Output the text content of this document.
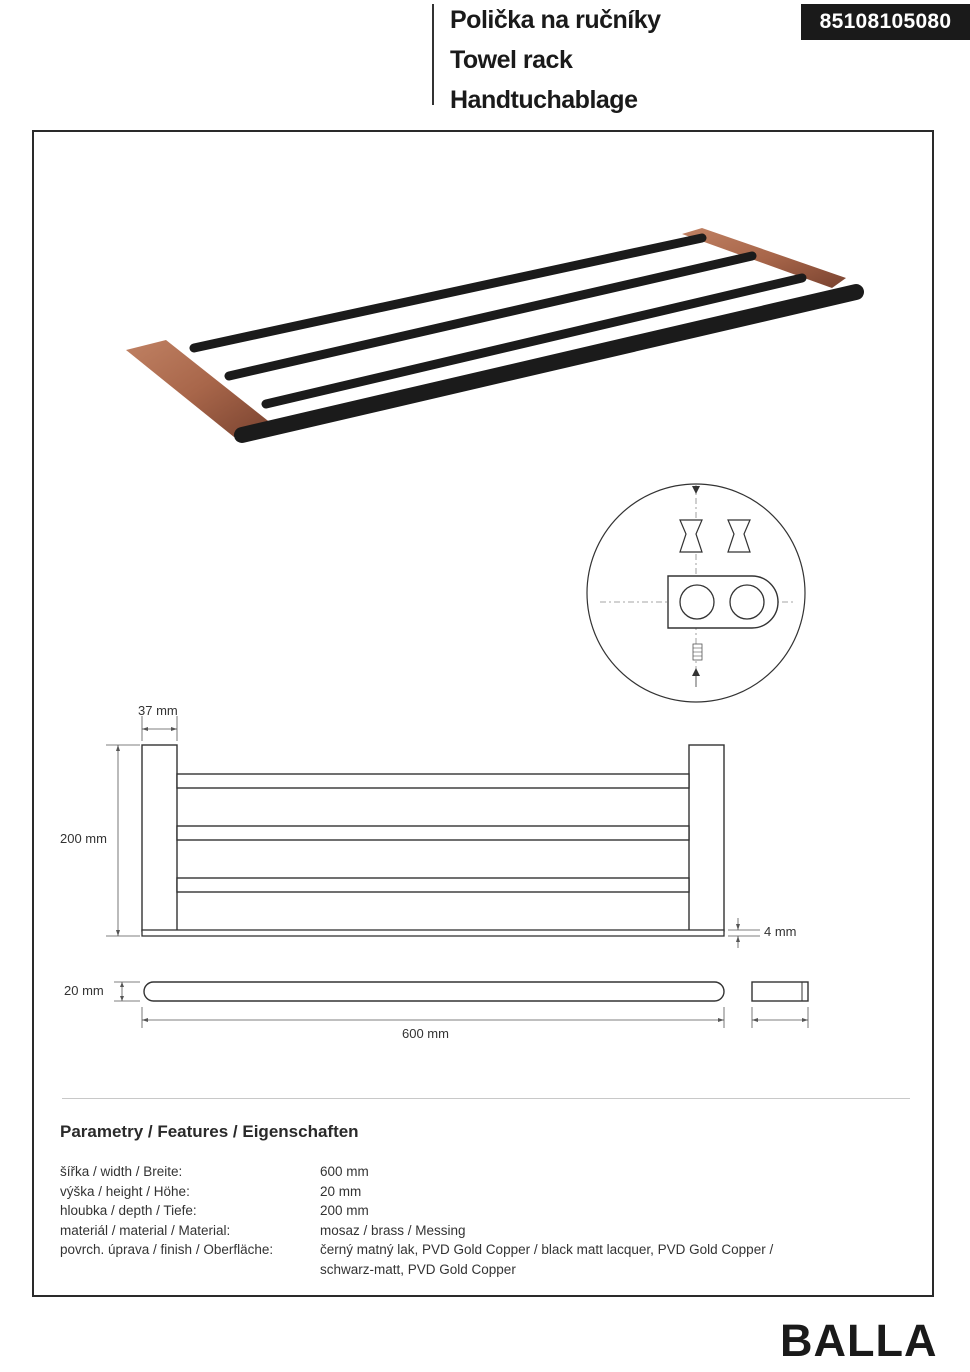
Polička na ručníky
Towel rack
Handtuchablage
85108105080
37 mm
200 mm
4 mm
20 mm
600 mm
Parametry / Features / Eigenschaften
šířka / width / Breite:	600 mm
výška / height / Höhe:	20 mm
hloubka / depth / Tiefe:	200 mm
materiál / material / Material:	mosaz / brass / Messing
povrch. úprava / finish / Oberfläche:	černý matný lak, PVD Gold Copper / black matt lacquer, PVD Gold Copper / schwarz-matt, PVD Gold Copper
BALLA
